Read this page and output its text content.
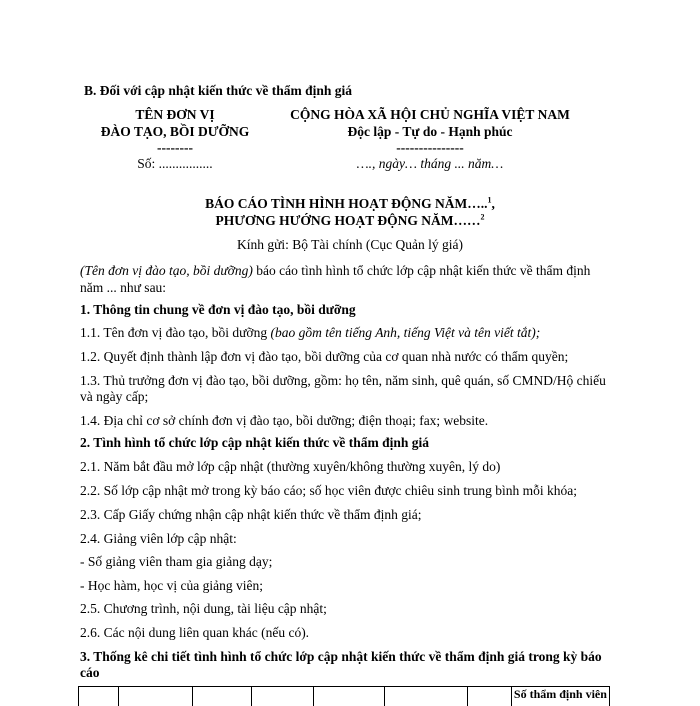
B. Đối với cập nhật kiến thức về thẩm định giá
TÊN ĐƠN VỊ
ĐÀO TẠO, BỒI DƯỠNG
--------
Số: ................
CỘNG HÒA XÃ HỘI CHỦ NGHĨA VIỆT NAM
Độc lập - Tự do - Hạnh phúc
---------------
…., ngày… tháng ... năm…
BÁO CÁO TÌNH HÌNH HOẠT ĐỘNG NĂM…..$^1$,
PHƯƠNG HƯỚNG HOẠT ĐỘNG NĂM……$^2$
Kính gửi: Bộ Tài chính (Cục Quản lý giá)
(Tên đơn vị đào tạo, bồi dưỡng) báo cáo tình hình tổ chức lớp cập nhật kiến thức về thẩm định
năm ... như sau:
1. Thông tin chung về đơn vị đào tạo, bồi dưỡng
1.1. Tên đơn vị đào tạo, bồi dưỡng (bao gồm tên tiếng Anh, tiếng Việt và tên viết tắt);
1.2. Quyết định thành lập đơn vị đào tạo, bồi dưỡng của cơ quan nhà nước có thẩm quyền;
1.3. Thủ trưởng đơn vị đào tạo, bồi dưỡng, gồm: họ tên, năm sinh, quê quán, số CMND/Hộ chiếu
và ngày cấp;
1.4. Địa chỉ cơ sở chính đơn vị đào tạo, bồi dưỡng; điện thoại; fax; website.
2. Tình hình tổ chức lớp cập nhật kiến thức về thẩm định giá
2.1. Năm bắt đầu mở lớp cập nhật (thường xuyên/không thường xuyên, lý do)
2.2. Số lớp cập nhật mở trong kỳ báo cáo; số học viên được chiêu sinh trung bình mỗi khóa;
2.3. Cấp Giấy chứng nhận cập nhật kiến thức về thẩm định giá;
2.4. Giảng viên lớp cập nhật:
- Số giảng viên tham gia giảng dạy;
- Học hàm, học vị của giảng viên;
2.5. Chương trình, nội dung, tài liệu cập nhật;
2.6. Các nội dung liên quan khác (nếu có).
3. Thống kê chi tiết tình hình tổ chức lớp cập nhật kiến thức về thẩm định giá trong kỳ báo
cáo
							Số thẩm định viên
